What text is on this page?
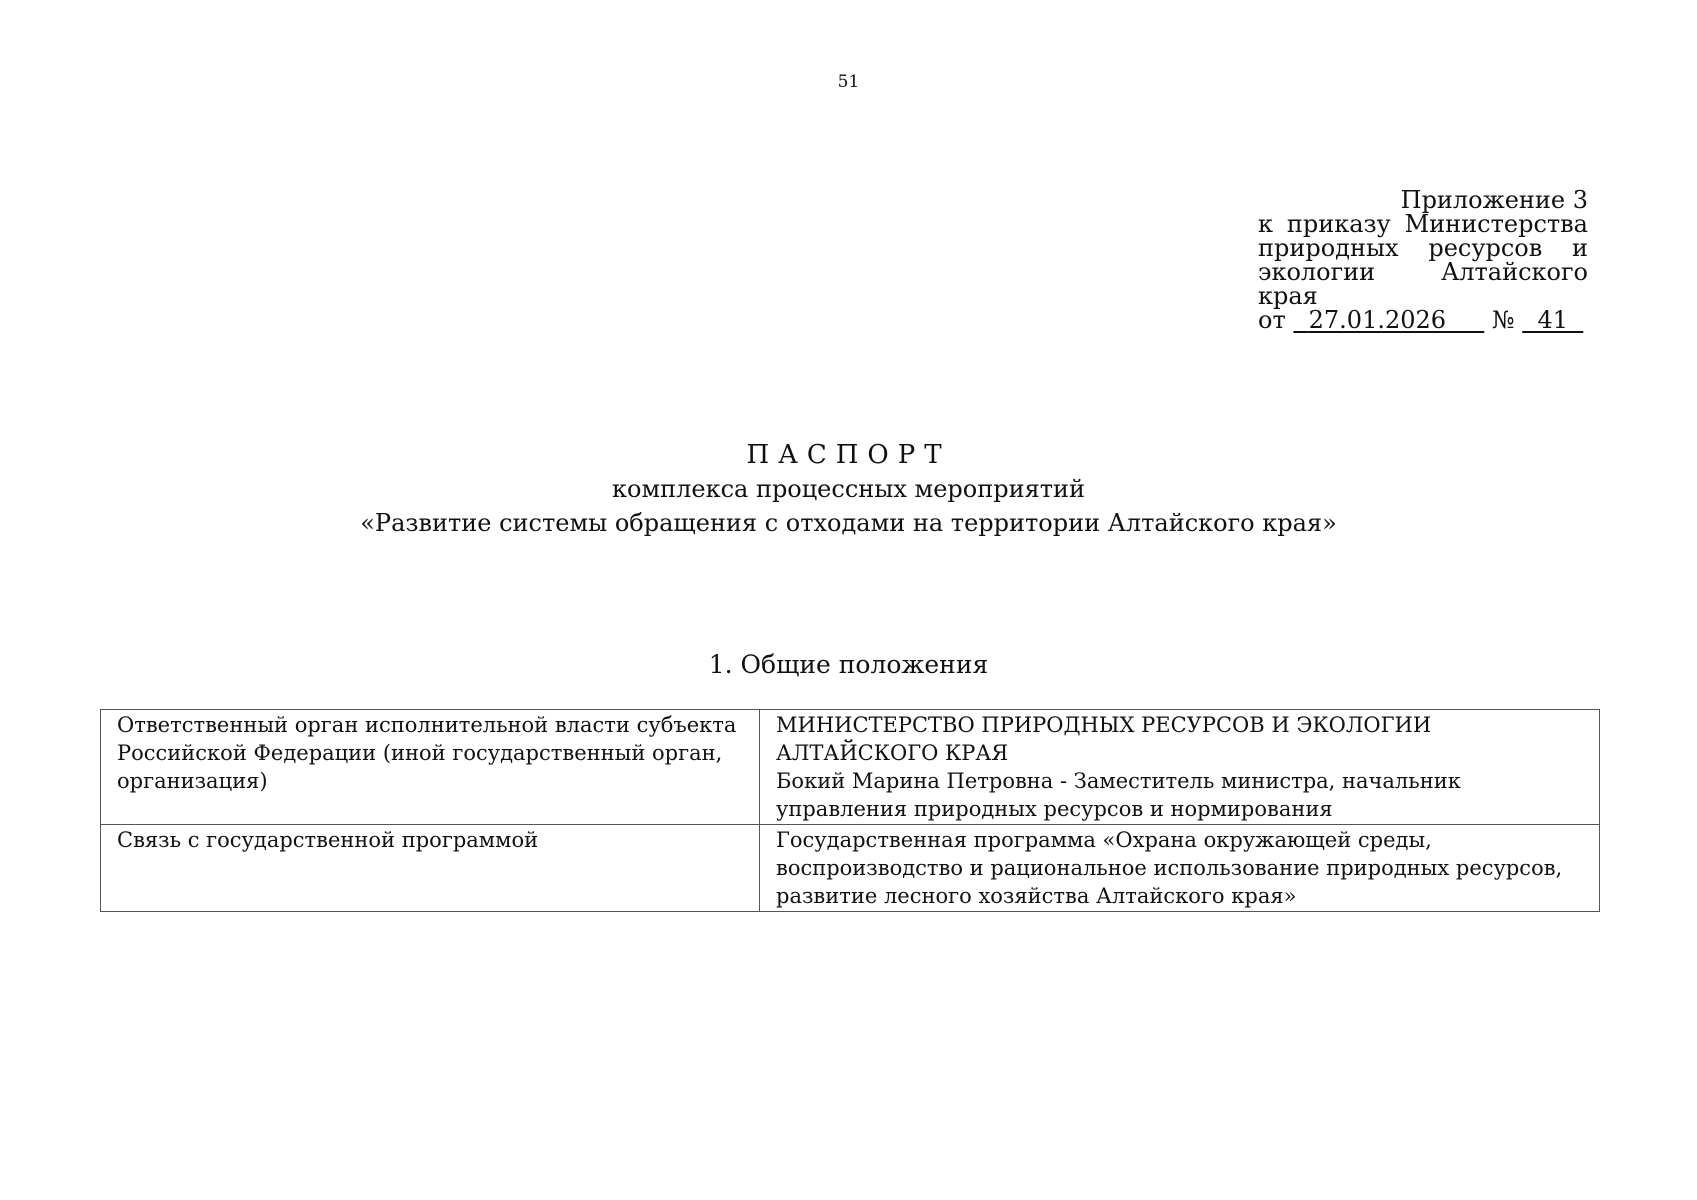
51
Приложение 3
к приказу Министерства
природных ресурсов и
экологии Алтайского края
от 27.01.2026 № 41
ПАСПОРТ
комплекса процессных мероприятий
«Развитие системы обращения с отходами на территории Алтайского края»
1. Общие положения
Ответственный орган исполнительной власти субъекта Российской Федерации (иной государственный орган, организация)	МИНИСТЕРСТВО ПРИРОДНЫХ РЕСУРСОВ И ЭКОЛОГИИ АЛТАЙСКОГО КРАЯ
Бокий Марина Петровна - Заместитель министра, начальник управления природных ресурсов и нормирования

Связь с государственной программой	Государственная программа «Охрана окружающей среды, воспроизводство и рациональное использование природных ресурсов, развитие лесного хозяйства Алтайского края»
